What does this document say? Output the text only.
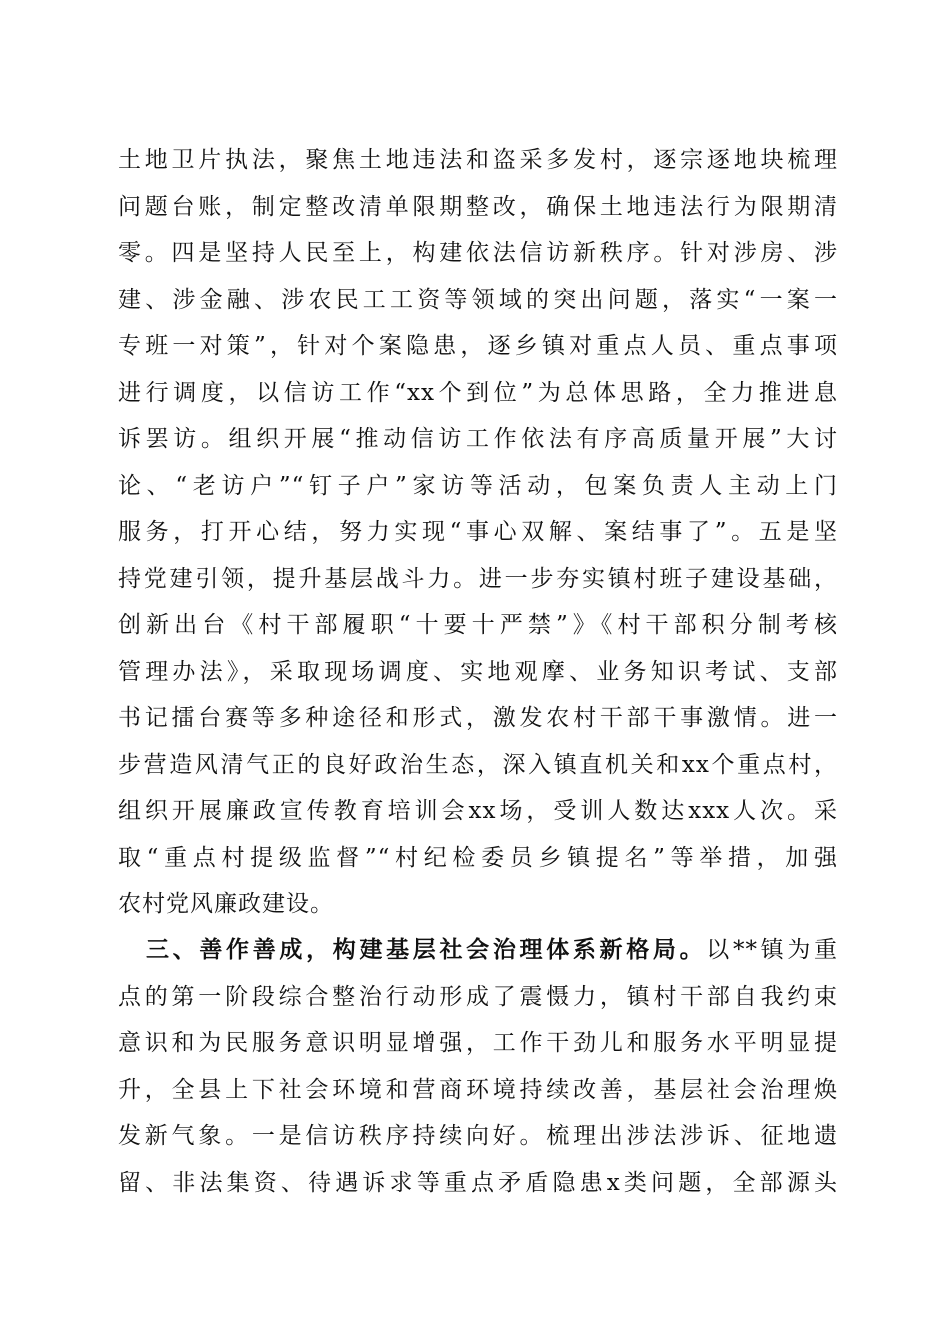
土地卫片执法，聚焦土地违法和盗采多发村，逐宗逐地块梳理
问题台账，制定整改清单限期整改，确保土地违法行为限期清
零。四是坚持人民至上，构建依法信访新秩序。针对涉房、涉
建、涉金融、涉农民工工资等领域的突出问题，落实“一案一
专班一对策”，针对个案隐患，逐乡镇对重点人员、重点事项
进行调度，以信访工作“xx个到位”为总体思路，全力推进息
诉罢访。组织开展“推动信访工作依法有序高质量开展”大讨
论、“老访户”“钉子户”家访等活动，包案负责人主动上门
服务，打开心结，努力实现“事心双解、案结事了”。五是坚
持党建引领，提升基层战斗力。进一步夯实镇村班子建设基础，
创新出台《村干部履职“十要十严禁”》《村干部积分制考核
管理办法》，采取现场调度、实地观摩、业务知识考试、支部
书记擂台赛等多种途径和形式，激发农村干部干事激情。进一
步营造风清气正的良好政治生态，深入镇直机关和xx个重点村，
组织开展廉政宣传教育培训会xx场，受训人数达xxx人次。采
取“重点村提级监督”“村纪检委员乡镇提名”等举措，加强
农村党风廉政建设。
三、善作善成，构建基层社会治理体系新格局。以**镇为重
点的第一阶段综合整治行动形成了震慑力，镇村干部自我约束
意识和为民服务意识明显增强，工作干劲儿和服务水平明显提
升，全县上下社会环境和营商环境持续改善，基层社会治理焕
发新气象。一是信访秩序持续向好。梳理出涉法涉诉、征地遗
留、非法集资、待遇诉求等重点矛盾隐患x类问题，全部源头
